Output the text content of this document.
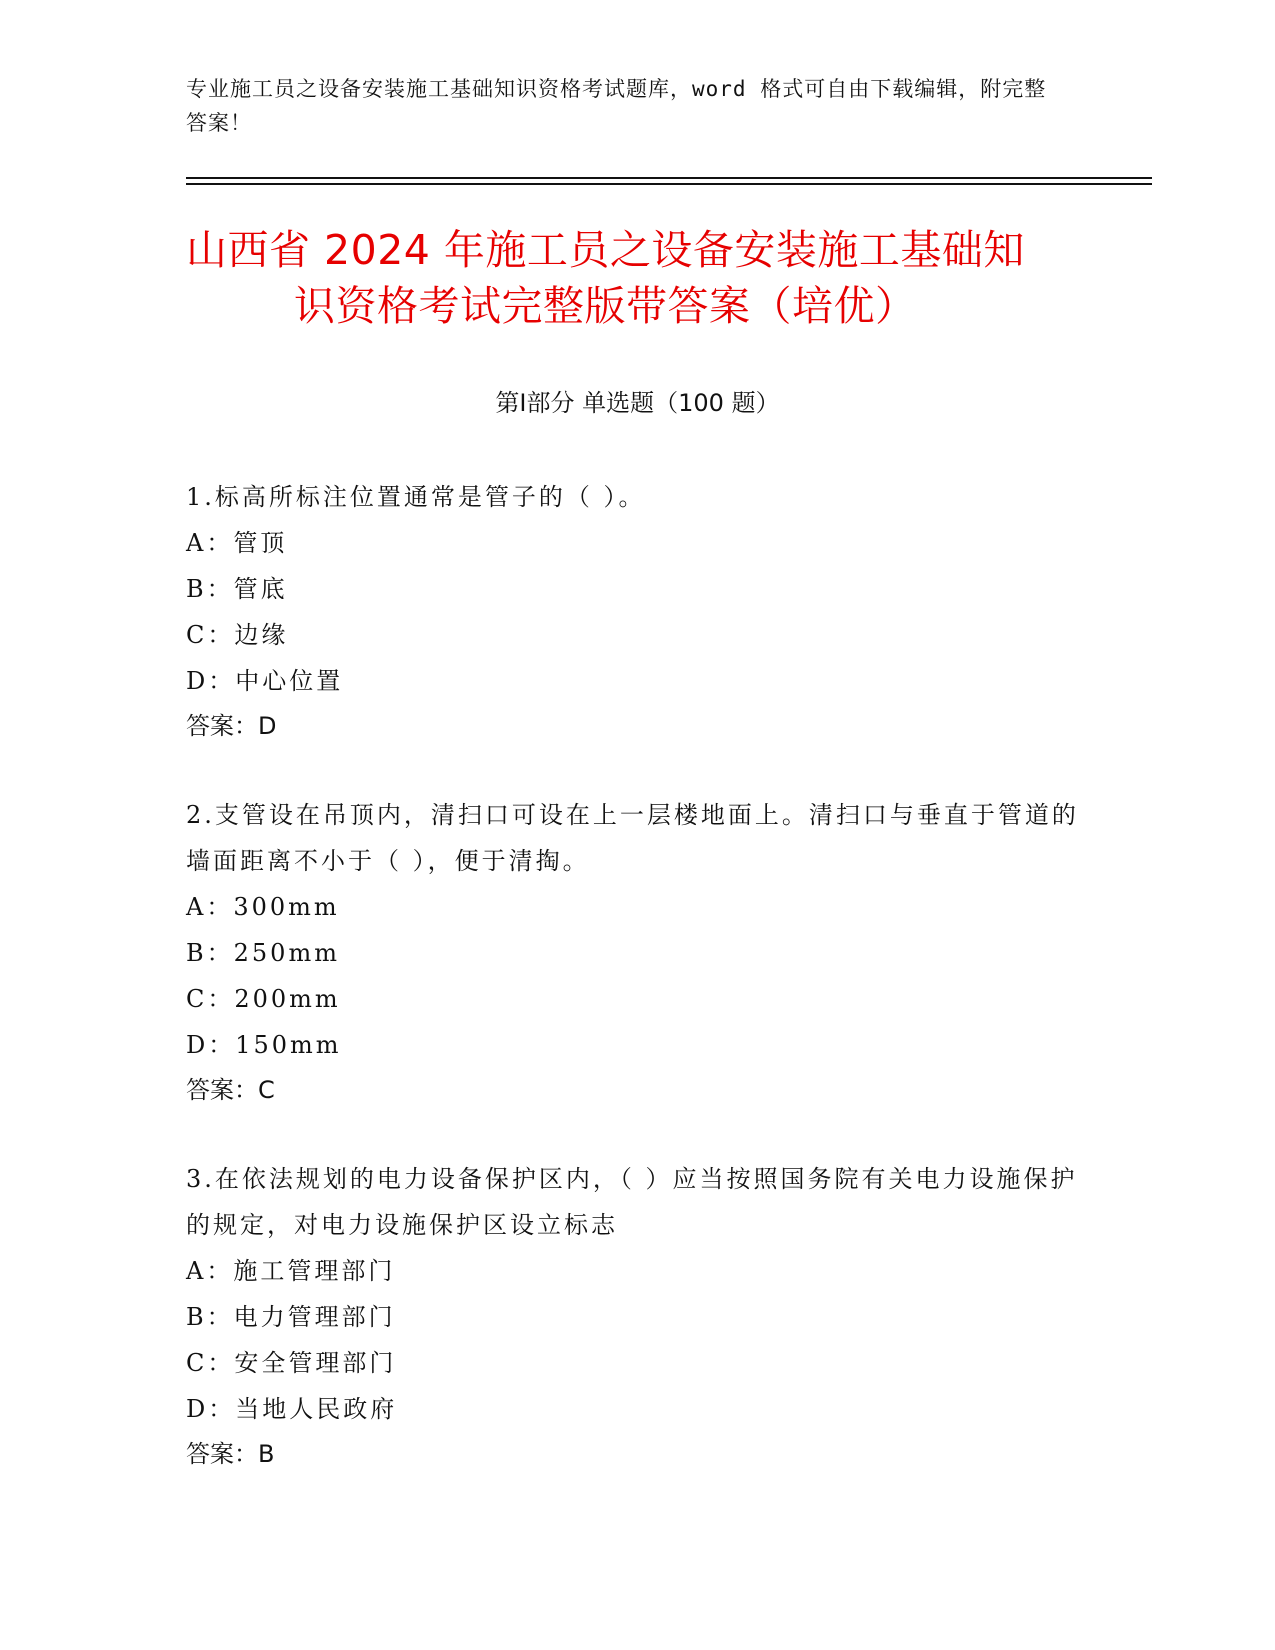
专业施工员之设备安装施工基础知识资格考试题库，word 格式可自由下载编辑，附完整答案！
山西省 2024 年施工员之设备安装施工基础知
识资格考试完整版带答案（培优）
第Ⅰ部分 单选题（100 题）
1.标高所标注位置通常是管子的（ ）。
A：管顶
B：管底
C：边缘
D：中心位置
答案：D
2.支管设在吊顶内，清扫口可设在上一层楼地面上。清扫口与垂直于管道的墙面距离不小于（ ），便于清掏。
A：300mm
B：250mm
C：200mm
D：150mm
答案：C
3.在依法规划的电力设备保护区内，（ ）应当按照国务院有关电力设施保护的规定，对电力设施保护区设立标志
A：施工管理部门
B：电力管理部门
C：安全管理部门
D：当地人民政府
答案：B
